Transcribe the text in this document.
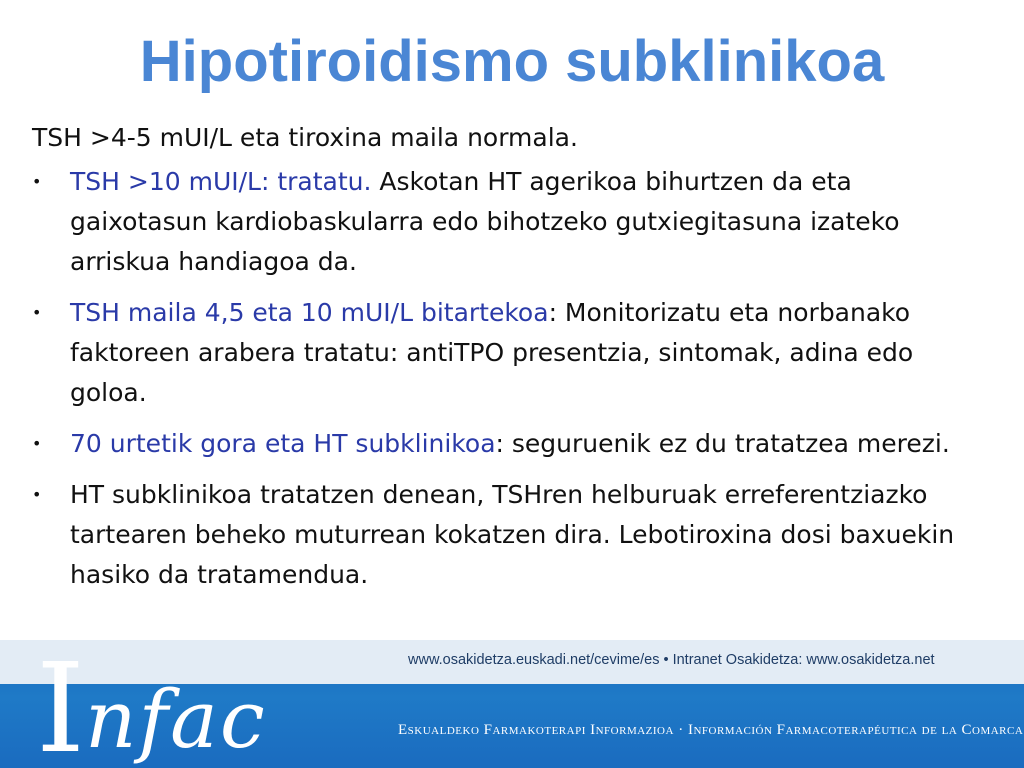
Hipotiroidismo subklinikoa
TSH >4-5 mUI/L eta tiroxina maila normala.
• TSH >10 mUI/L: tratatu. Askotan HT agerikoa bihurtzen da eta gaixotasun kardiobaskularra edo bihotzeko gutxiegitasuna izateko arriskua handiagoa da.
• TSH maila 4,5 eta 10 mUI/L bitartekoa: Monitorizatu eta norbanako faktoreen arabera tratatu: antiTPO presentzia, sintomak, adina edo goloa.
• 70 urtetik gora eta HT subklinikoa: seguruenik ez du tratatzea merezi.
• HT subklinikoa tratatzen denean, TSHren helburuak erreferentziazko tartearen beheko muturrean kokatzen dira. Lebotiroxina dosi baxuekin hasiko da tratamendua.
I nfac
www.osakidetza.euskadi.net/cevime/es • Intranet Osakidetza: www.osakidetza.net
Eskualdeko Farmakoterapi Informazioa · Información Farmacoterapéutica de la Comarca
